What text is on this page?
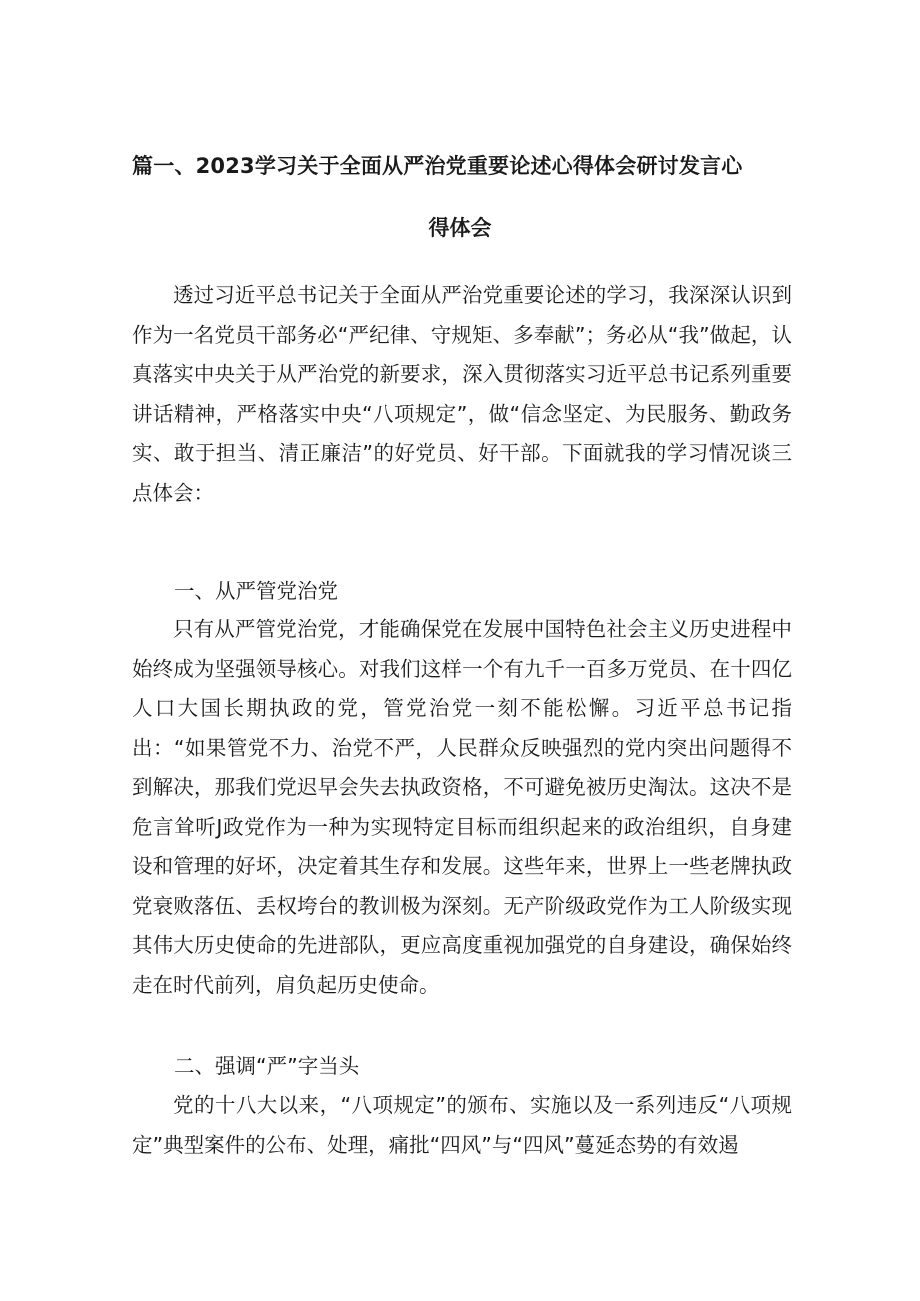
篇一、2023学习关于全面从严治党重要论述心得体会研讨发言心
得体会

透过习近平总书记关于全面从严治党重要论述的学习，我深深认识到作为一名党员干部务必“严纪律、守规矩、多奉献”；务必从“我”做起，认真落实中央关于从严治党的新要求，深入贯彻落实习近平总书记系列重要讲话精神，严格落实中央“八项规定”，做“信念坚定、为民服务、勤政务实、敢于担当、清正廉洁”的好党员、好干部。下面就我的学习情况谈三点体会：

一、从严管党治党

只有从严管党治党，才能确保党在发展中国特色社会主义历史进程中始终成为坚强领导核心。对我们这样一个有九千一百多万党员、在十四亿人口大国长期执政的党，管党治党一刻不能松懈。习近平总书记指出：“如果管党不力、治党不严，人民群众反映强烈的党内突出问题得不到解决，那我们党迟早会失去执政资格，不可避免被历史淘汰。这决不是危言耸听J政党作为一种为实现特定目标而组织起来的政治组织，自身建设和管理的好坏，决定着其生存和发展。这些年来，世界上一些老牌执政党衰败落伍、丢权垮台的教训极为深刻。无产阶级政党作为工人阶级实现其伟大历史使命的先进部队，更应高度重视加强党的自身建设，确保始终走在时代前列，肩负起历史使命。

二、强调“严”字当头

党的十八大以来，“八项规定”的颁布、实施以及一系列违反“八项规定”典型案件的公布、处理，痛批“四风”与“四风”蔓延态势的有效遏
